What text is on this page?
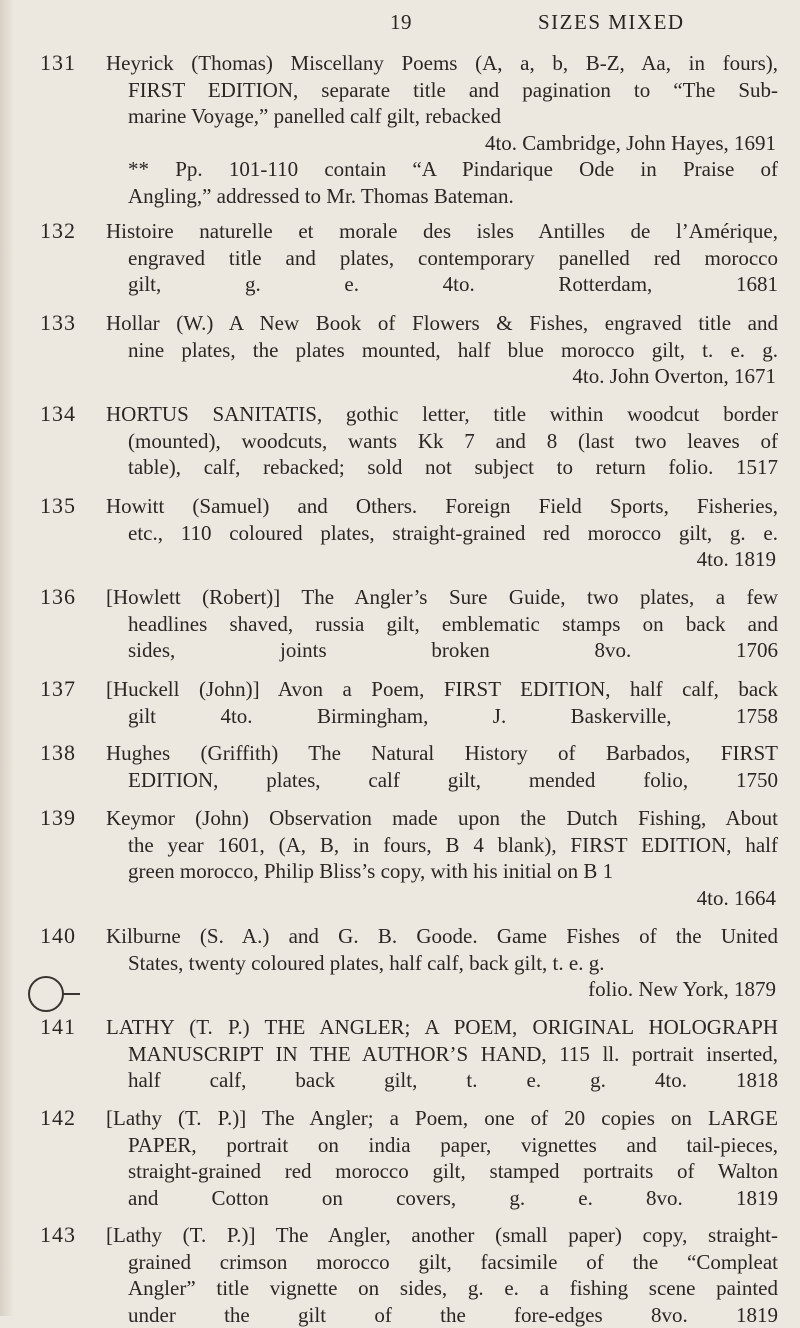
19	SIZES MIXED
131 Heyrick (Thomas) Miscellany Poems (A, a, b, B-Z, Aa, in fours),
FIRST EDITION, separate title and pagination to “The Sub-
marine Voyage,” panelled calf gilt, rebacked
4to. Cambridge, John Hayes, 1691
** Pp. 101-110 contain “A Pindarique Ode in Praise of
Angling,” addressed to Mr. Thomas Bateman.
132 Histoire naturelle et morale des isles Antilles de l’Amérique,
engraved title and plates, contemporary panelled red morocco
gilt, g. e. 4to. Rotterdam, 1681
133 Hollar (W.) A New Book of Flowers & Fishes, engraved title and
nine plates, the plates mounted, half blue morocco gilt, t. e. g.
4to. John Overton, 1671
134 HORTUS SANITATIS, gothic letter, title within woodcut border
(mounted), woodcuts, wants Kk 7 and 8 (last two leaves of
table), calf, rebacked; sold not subject to return folio. 1517
135 Howitt (Samuel) and Others. Foreign Field Sports, Fisheries,
etc., 110 coloured plates, straight-grained red morocco gilt, g. e.
4to. 1819
136 [Howlett (Robert)] The Angler’s Sure Guide, two plates, a few
headlines shaved, russia gilt, emblematic stamps on back and
sides, joints broken 8vo. 1706
137 [Huckell (John)] Avon a Poem, FIRST EDITION, half calf, back
gilt 4to. Birmingham, J. Baskerville, 1758
138 Hughes (Griffith) The Natural History of Barbados, FIRST
EDITION, plates, calf gilt, mended folio, 1750
139 Keymor (John) Observation made upon the Dutch Fishing, About
the year 1601, (A, B, in fours, B 4 blank), FIRST EDITION, half
green morocco, Philip Bliss’s copy, with his initial on B 1
4to. 1664
140 Kilburne (S. A.) and G. B. Goode. Game Fishes of the United
States, twenty coloured plates, half calf, back gilt, t. e. g.
folio. New York, 1879
141 LATHY (T. P.) THE ANGLER; A POEM, ORIGINAL HOLOGRAPH
MANUSCRIPT IN THE AUTHOR’S HAND, 115 ll. portrait inserted,
half calf, back gilt, t. e. g. 4to. 1818
142 [Lathy (T. P.)] The Angler; a Poem, one of 20 copies on LARGE
PAPER, portrait on india paper, vignettes and tail-pieces,
straight-grained red morocco gilt, stamped portraits of Walton
and Cotton on covers, g. e. 8vo. 1819
143 [Lathy (T. P.)] The Angler, another (small paper) copy, straight-
grained crimson morocco gilt, facsimile of the “Compleat
Angler” title vignette on sides, g. e. a fishing scene painted
under the gilt of the fore-edges 8vo. 1819
